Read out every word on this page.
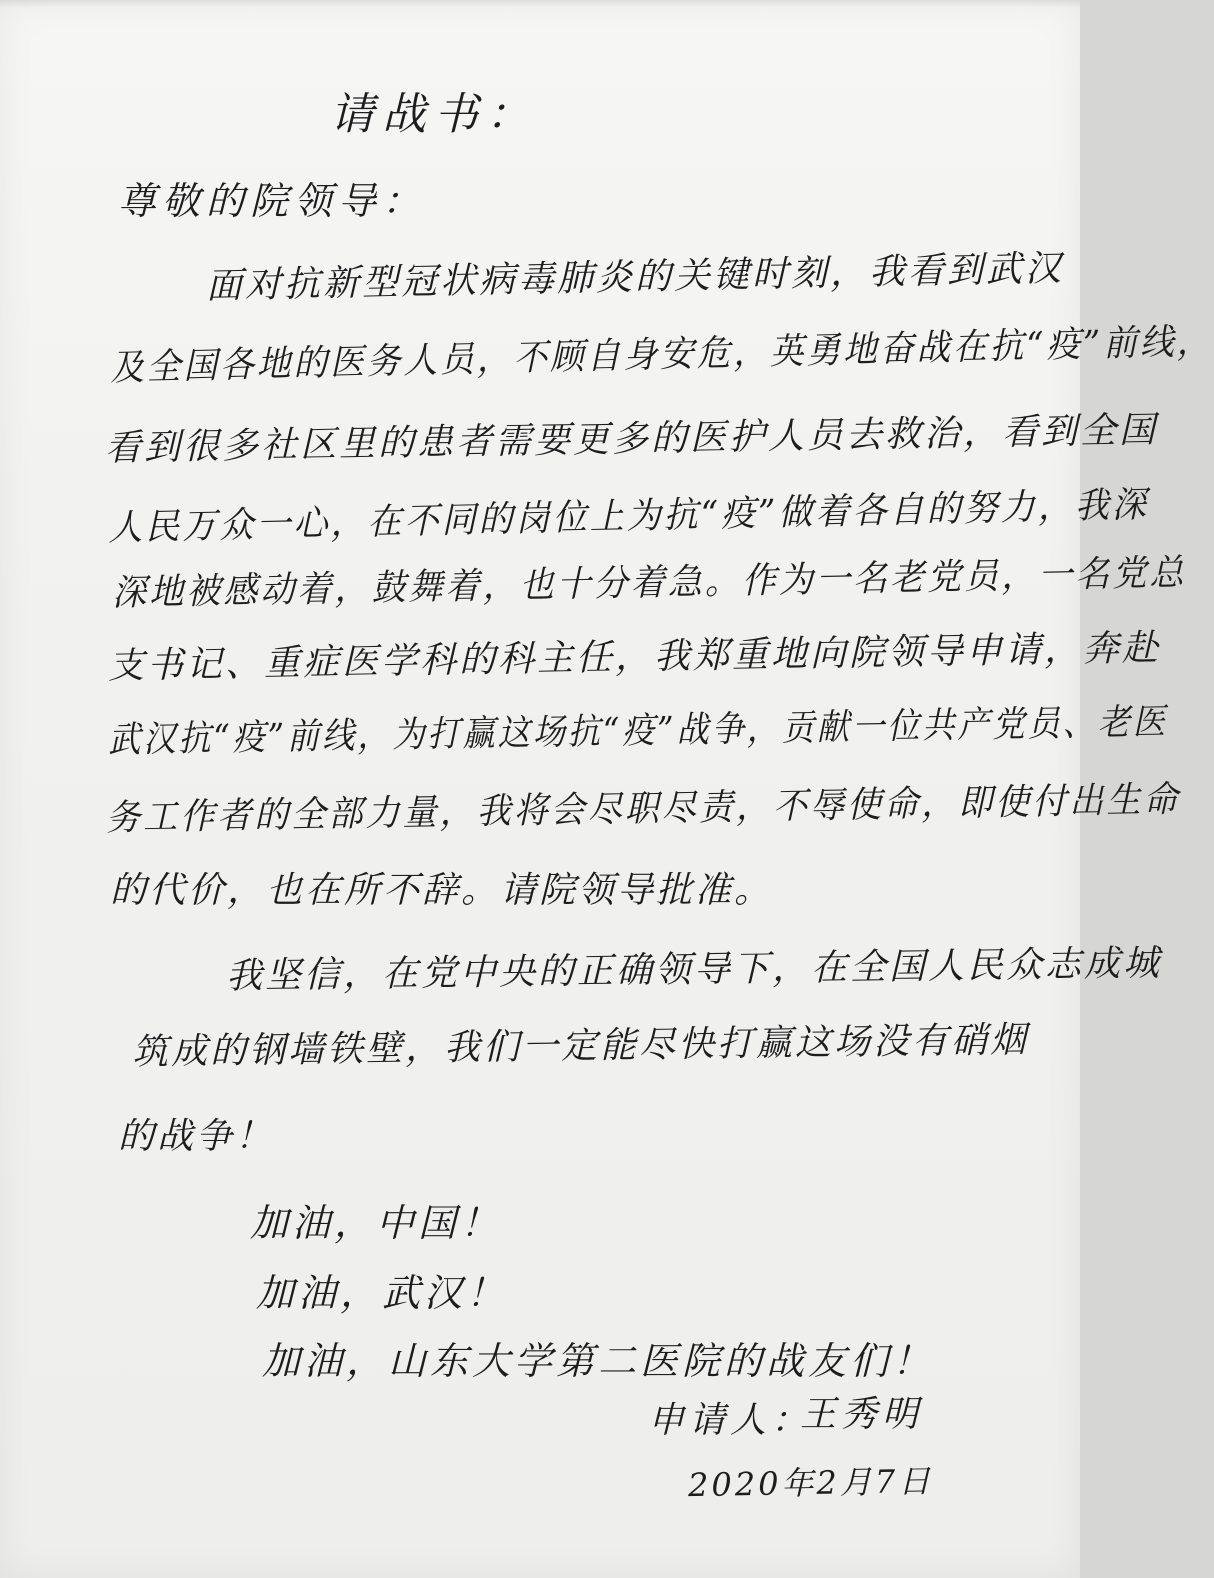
请战书：
尊敬的院领导：
面对抗新型冠状病毒肺炎的关键时刻，我看到武汉
及全国各地的医务人员，不顾自身安危，英勇地奋战在抗“疫”前线，
看到很多社区里的患者需要更多的医护人员去救治，看到全国
人民万众一心，在不同的岗位上为抗“疫”做着各自的努力，我深
深地被感动着，鼓舞着，也十分着急。作为一名老党员，一名党总
支书记、重症医学科的科主任，我郑重地向院领导申请，奔赴
武汉抗“疫”前线，为打赢这场抗“疫”战争，贡献一位共产党员、老医
务工作者的全部力量，我将会尽职尽责，不辱使命，即使付出生命
的代价，也在所不辞。请院领导批准。
我坚信，在党中央的正确领导下，在全国人民众志成城
筑成的钢墙铁壁，我们一定能尽快打赢这场没有硝烟
的战争！
加油，中国！
加油，武汉！
加油，山东大学第二医院的战友们！
申请人：
王秀明
2020年2月7日
